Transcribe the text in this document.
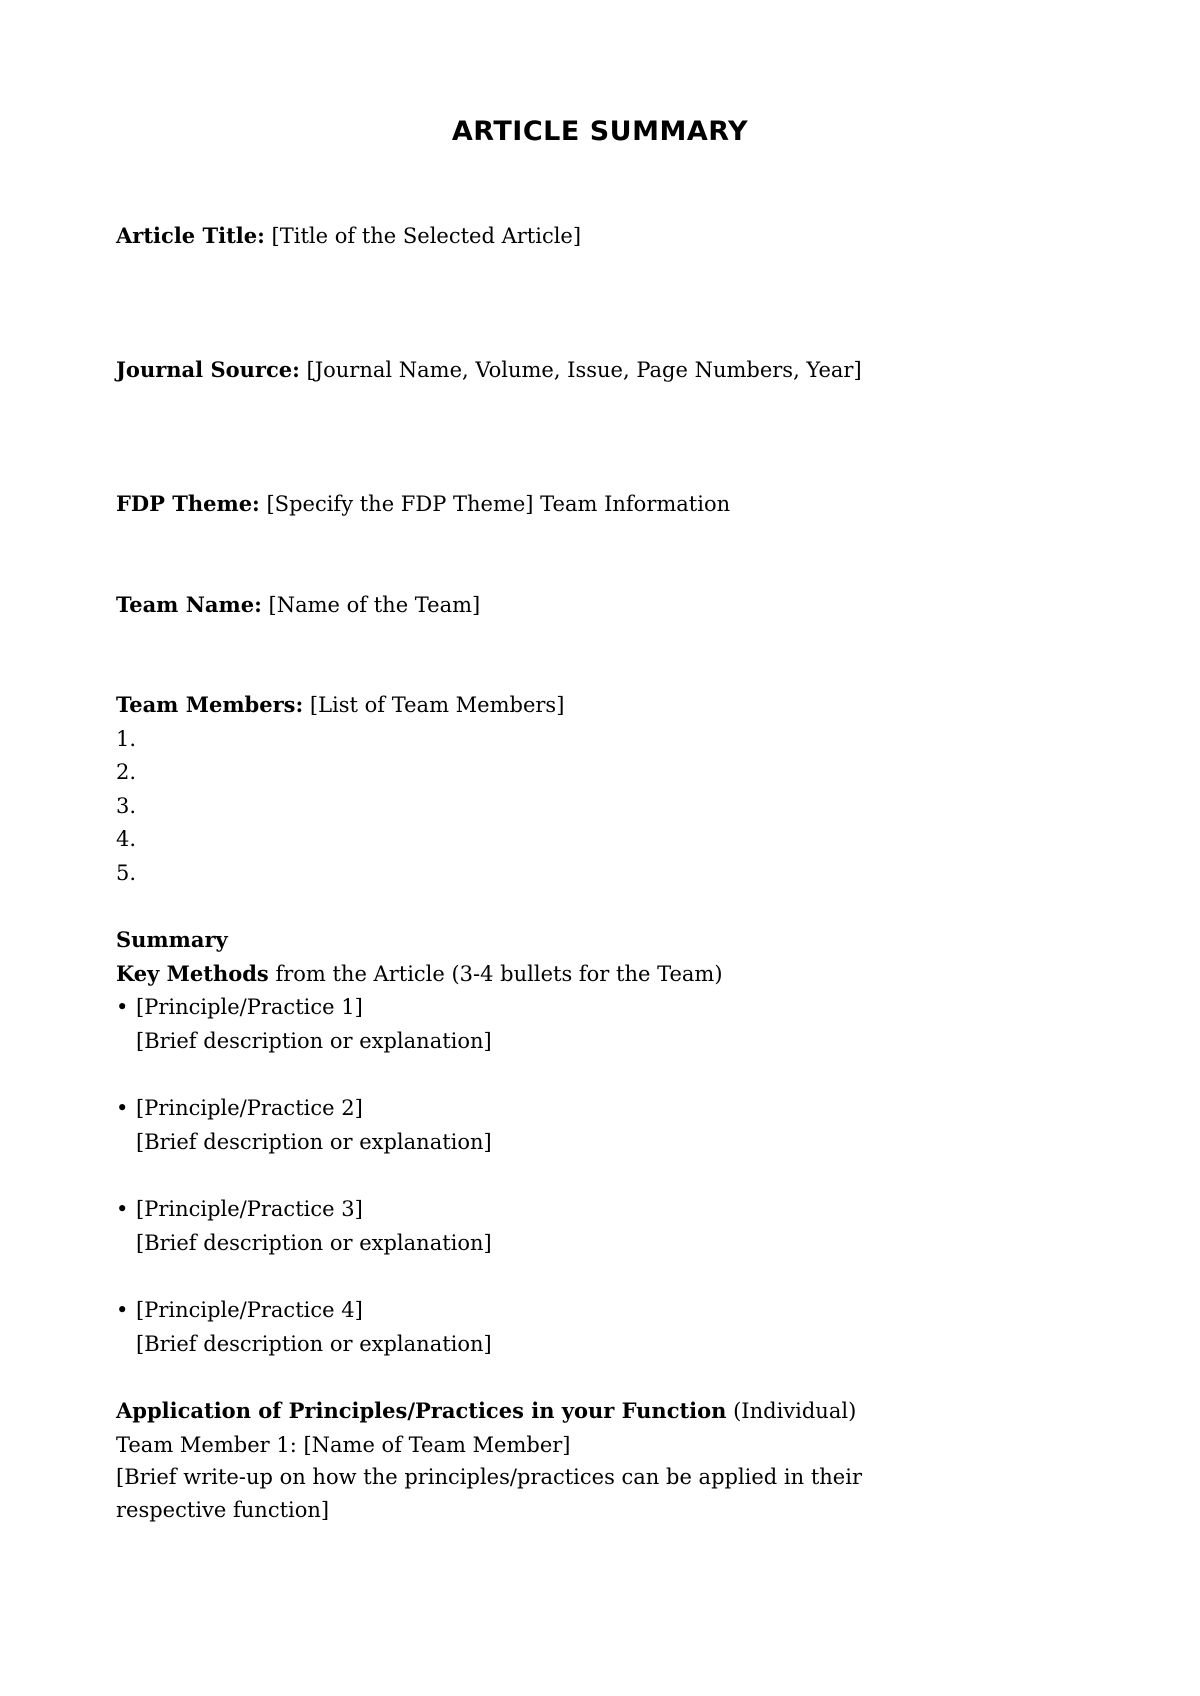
ARTICLE SUMMARY
Article Title: [Title of the Selected Article]
Journal Source: [Journal Name, Volume, Issue, Page Numbers, Year]
FDP Theme: [Specify the FDP Theme] Team Information
Team Name: [Name of the Team]
Team Members: [List of Team Members]
1.
2.
3.
4.
5.
Summary
Key Methods from the Article (3-4 bullets for the Team)
• [Principle/Practice 1]
[Brief description or explanation]
• [Principle/Practice 2]
[Brief description or explanation]
• [Principle/Practice 3]
[Brief description or explanation]
• [Principle/Practice 4]
[Brief description or explanation]
Application of Principles/Practices in your Function (Individual)
Team Member 1: [Name of Team Member]
[Brief write-up on how the principles/practices can be applied in their respective function]
